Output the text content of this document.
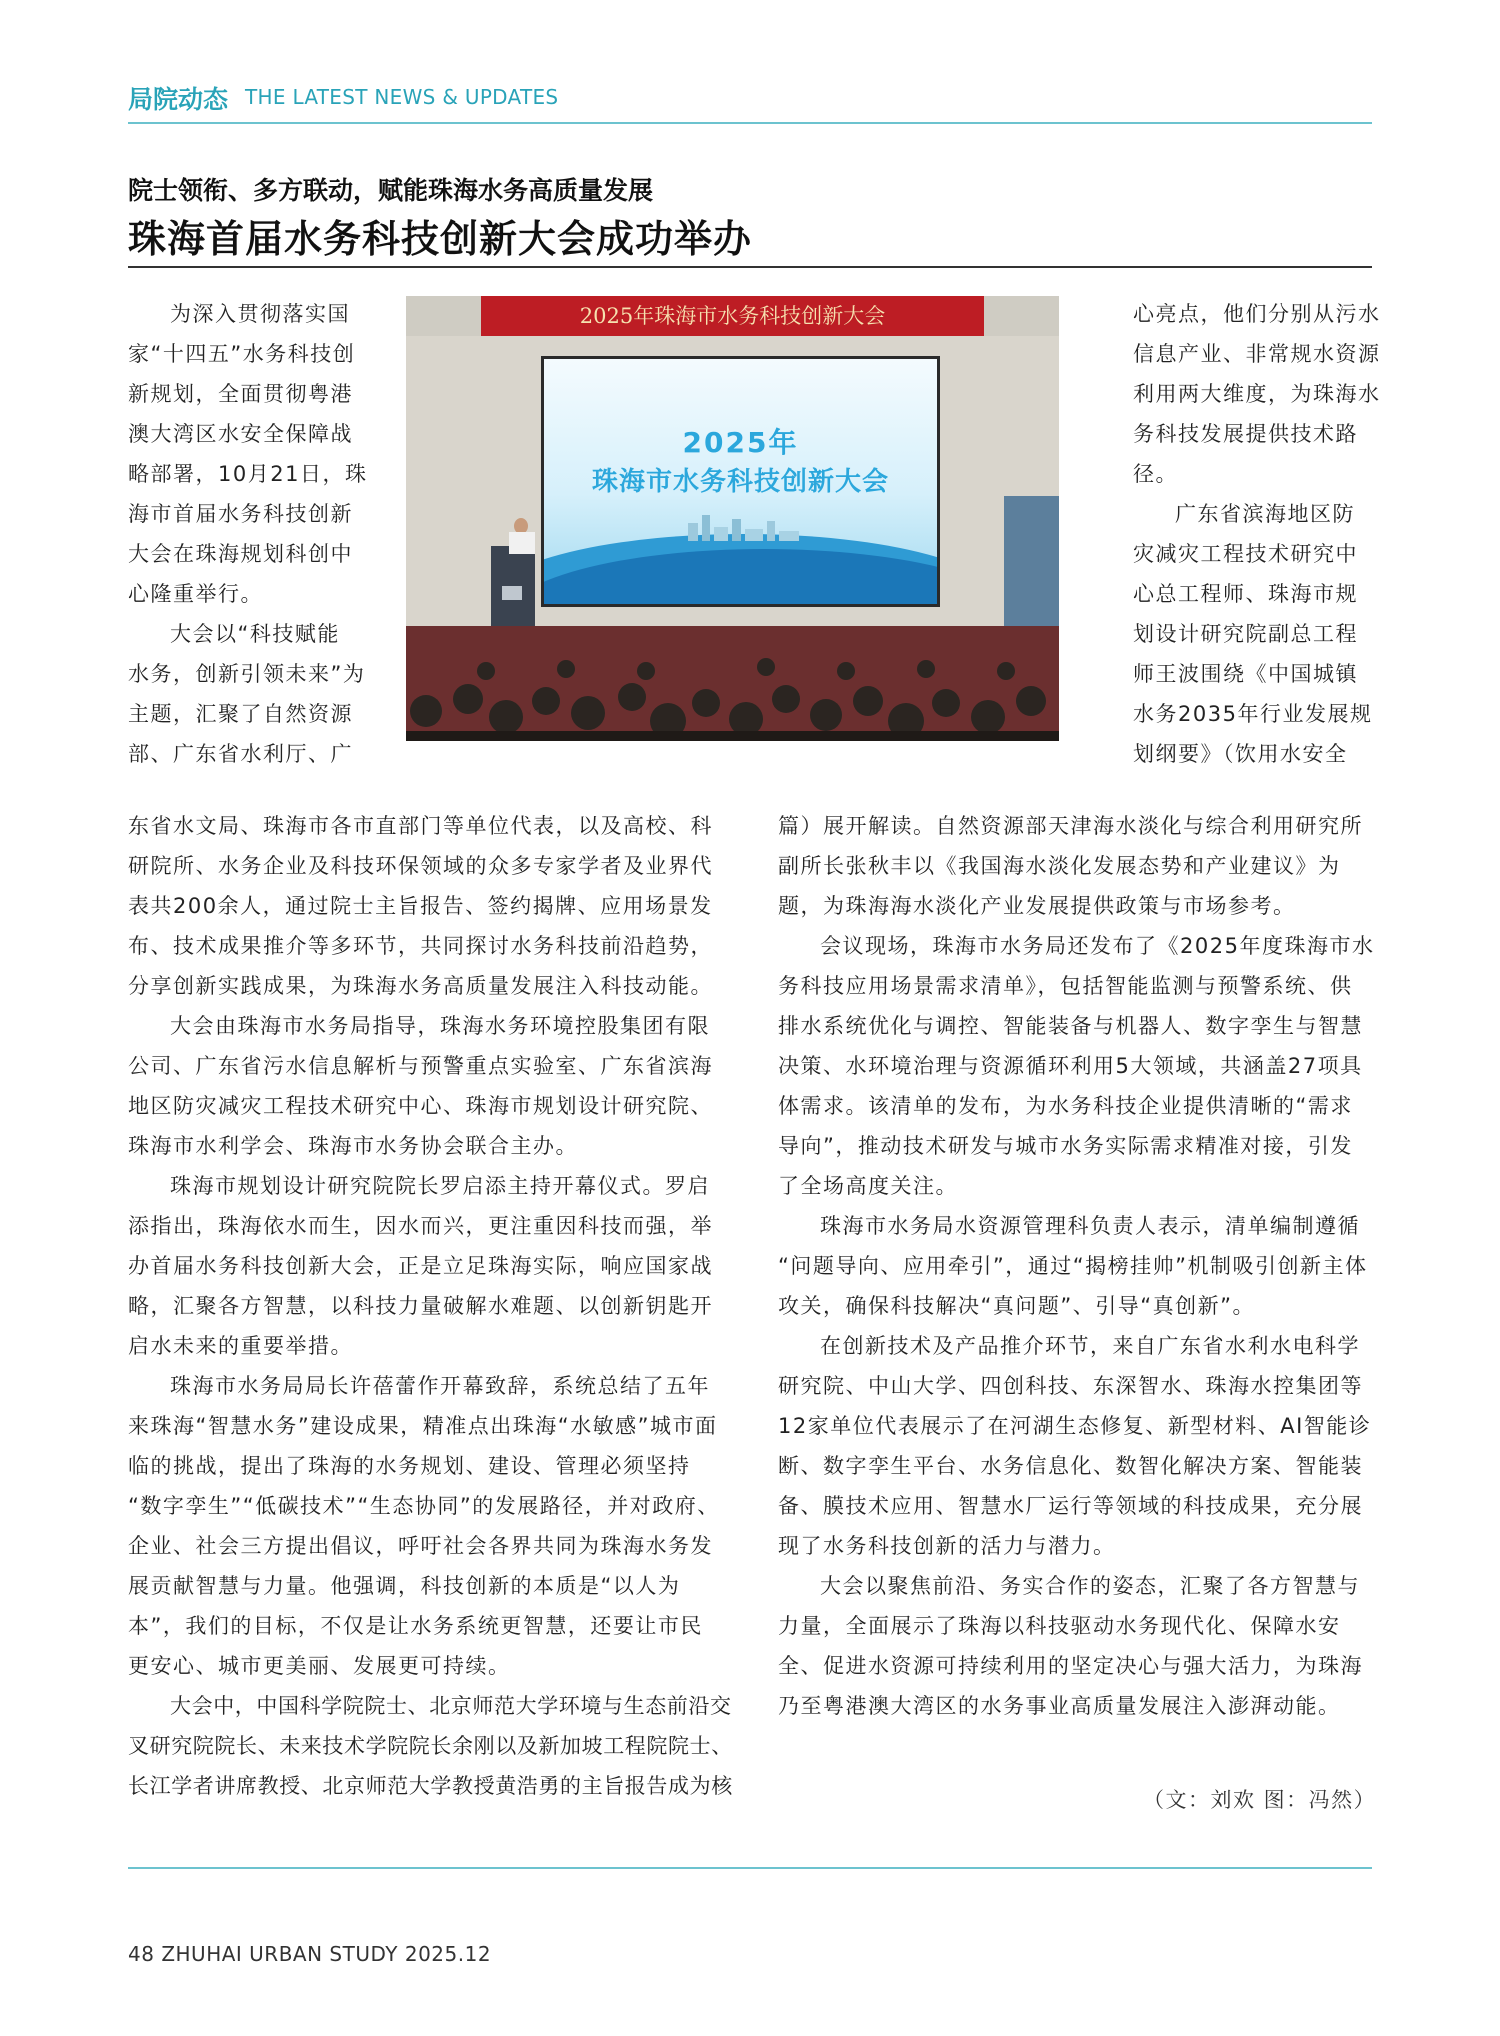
局院动态 THE LATEST NEWS & UPDATES
院士领衔、多方联动，赋能珠海水务高质量发展
珠海首届水务科技创新大会成功举办
2025年珠海市水务科技创新大会
2025年
珠海市水务科技创新大会

为深入贯彻落实国

家“十四五”水务科技创

新规划，全面贯彻粤港

澳大湾区水安全保障战

略部署，10月21日，珠

海市首届水务科技创新

大会在珠海规划科创中

心隆重举行。

大会以“科技赋能

水务，创新引领未来”为

主题，汇聚了自然资源

部、广东省水利厅、广

东省水文局、珠海市各市直部门等单位代表，以及高校、科

研院所、水务企业及科技环保领域的众多专家学者及业界代

表共200余人，通过院士主旨报告、签约揭牌、应用场景发

布、技术成果推介等多环节，共同探讨水务科技前沿趋势，

分享创新实践成果，为珠海水务高质量发展注入科技动能。

大会由珠海市水务局指导，珠海水务环境控股集团有限

公司、广东省污水信息解析与预警重点实验室、广东省滨海

地区防灾减灾工程技术研究中心、珠海市规划设计研究院、

珠海市水利学会、珠海市水务协会联合主办。

珠海市规划设计研究院院长罗启添主持开幕仪式。罗启

添指出，珠海依水而生，因水而兴，更注重因科技而强，举

办首届水务科技创新大会，正是立足珠海实际，响应国家战

略，汇聚各方智慧，以科技力量破解水难题、以创新钥匙开

启水未来的重要举措。

珠海市水务局局长许蓓蕾作开幕致辞，系统总结了五年

来珠海“智慧水务”建设成果，精准点出珠海“水敏感”城市面

临的挑战，提出了珠海的水务规划、建设、管理必须坚持

“数字孪生”“低碳技术”“生态协同”的发展路径，并对政府、

企业、社会三方提出倡议，呼吁社会各界共同为珠海水务发

展贡献智慧与力量。他强调，科技创新的本质是“以人为

本”，我们的目标，不仅是让水务系统更智慧，还要让市民

更安心、城市更美丽、发展更可持续。

大会中，中国科学院院士、北京师范大学环境与生态前沿交

叉研究院院长、未来技术学院院长余刚以及新加坡工程院院士、

长江学者讲席教授、北京师范大学教授黄浩勇的主旨报告成为核

心亮点，他们分别从污水

信息产业、非常规水资源

利用两大维度，为珠海水

务科技发展提供技术路

径。

广东省滨海地区防

灾减灾工程技术研究中

心总工程师、珠海市规

划设计研究院副总工程

师王波围绕《中国城镇

水务2035年行业发展规

划纲要》（饮用水安全

篇）展开解读。自然资源部天津海水淡化与综合利用研究所

副所长张秋丰以《我国海水淡化发展态势和产业建议》为

题，为珠海海水淡化产业发展提供政策与市场参考。

会议现场，珠海市水务局还发布了《2025年度珠海市水

务科技应用场景需求清单》，包括智能监测与预警系统、供

排水系统优化与调控、智能装备与机器人、数字孪生与智慧

决策、水环境治理与资源循环利用5大领域，共涵盖27项具

体需求。该清单的发布，为水务科技企业提供清晰的“需求

导向”，推动技术研发与城市水务实际需求精准对接，引发

了全场高度关注。

珠海市水务局水资源管理科负责人表示，清单编制遵循

“问题导向、应用牵引”，通过“揭榜挂帅”机制吸引创新主体

攻关，确保科技解决“真问题”、引导“真创新”。

在创新技术及产品推介环节，来自广东省水利水电科学

研究院、中山大学、四创科技、东深智水、珠海水控集团等

12家单位代表展示了在河湖生态修复、新型材料、AI智能诊

断、数字孪生平台、水务信息化、数智化解决方案、智能装

备、膜技术应用、智慧水厂运行等领域的科技成果，充分展

现了水务科技创新的活力与潜力。

大会以聚焦前沿、务实合作的姿态，汇聚了各方智慧与

力量，全面展示了珠海以科技驱动水务现代化、保障水安

全、促进水资源可持续利用的坚定决心与强大活力，为珠海

乃至粤港澳大湾区的水务事业高质量发展注入澎湃动能。

（文：刘欢 图：冯然）
48 ZHUHAI URBAN STUDY 2025.12
